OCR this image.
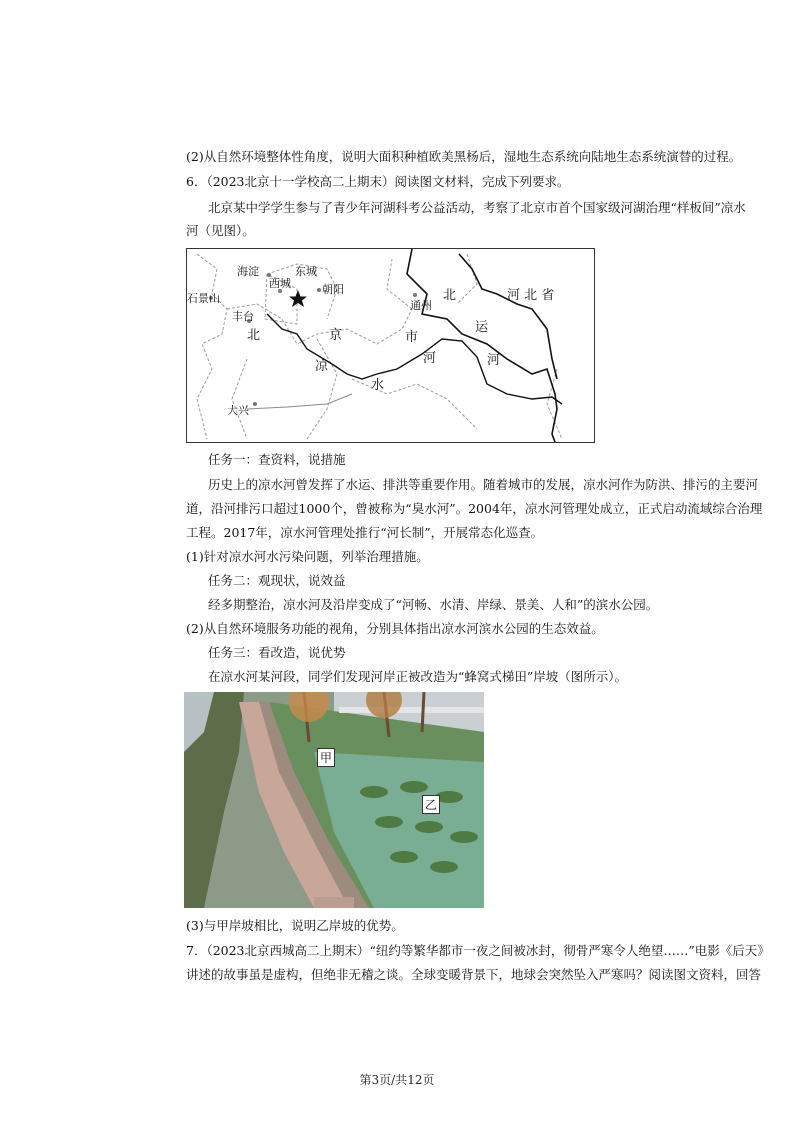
(2)从自然环境整体性角度，说明大面积种植欧美黑杨后，湿地生态系统向陆地生态系统演替的过程。
6．（2023北京十一学校高二上期末）阅读图文材料，完成下列要求。
北京某中学学生参与了青少年河湖科考公益活动，考察了北京市首个国家级河湖治理“样板间”凉水
河（见图）。
海淀	东城
西城	朝阳
石景山
丰台
通州
大兴
北	京	市
凉
水
河
北
运
河
河 北 省
任务一：查资料，说措施
历史上的凉水河曾发挥了水运、排洪等重要作用。随着城市的发展，凉水河作为防洪、排污的主要河
道，沿河排污口超过1000个，曾被称为“臭水河”。2004年，凉水河管理处成立，正式启动流域综合治理
工程。2017年，凉水河管理处推行“河长制”，开展常态化巡查。
(1)针对凉水河水污染问题，列举治理措施。
任务二：观现状，说效益
经多期整治，凉水河及沿岸变成了“河畅、水清、岸绿、景美、人和”的滨水公园。
(2)从自然环境服务功能的视角，分别具体指出凉水河滨水公园的生态效益。
任务三：看改造，说优势
在凉水河某河段，同学们发现河岸正被改造为“蜂窝式梯田”岸坡（图所示）。
甲
乙
(3)与甲岸坡相比，说明乙岸坡的优势。
7．（2023北京西城高二上期末）“纽约等繁华都市一夜之间被冰封，彻骨严寒令人绝望……”电影《后天》
讲述的故事虽是虚构，但绝非无稽之谈。全球变暖背景下，地球会突然坠入严寒吗？阅读图文资料，回答
第3页/共12页
